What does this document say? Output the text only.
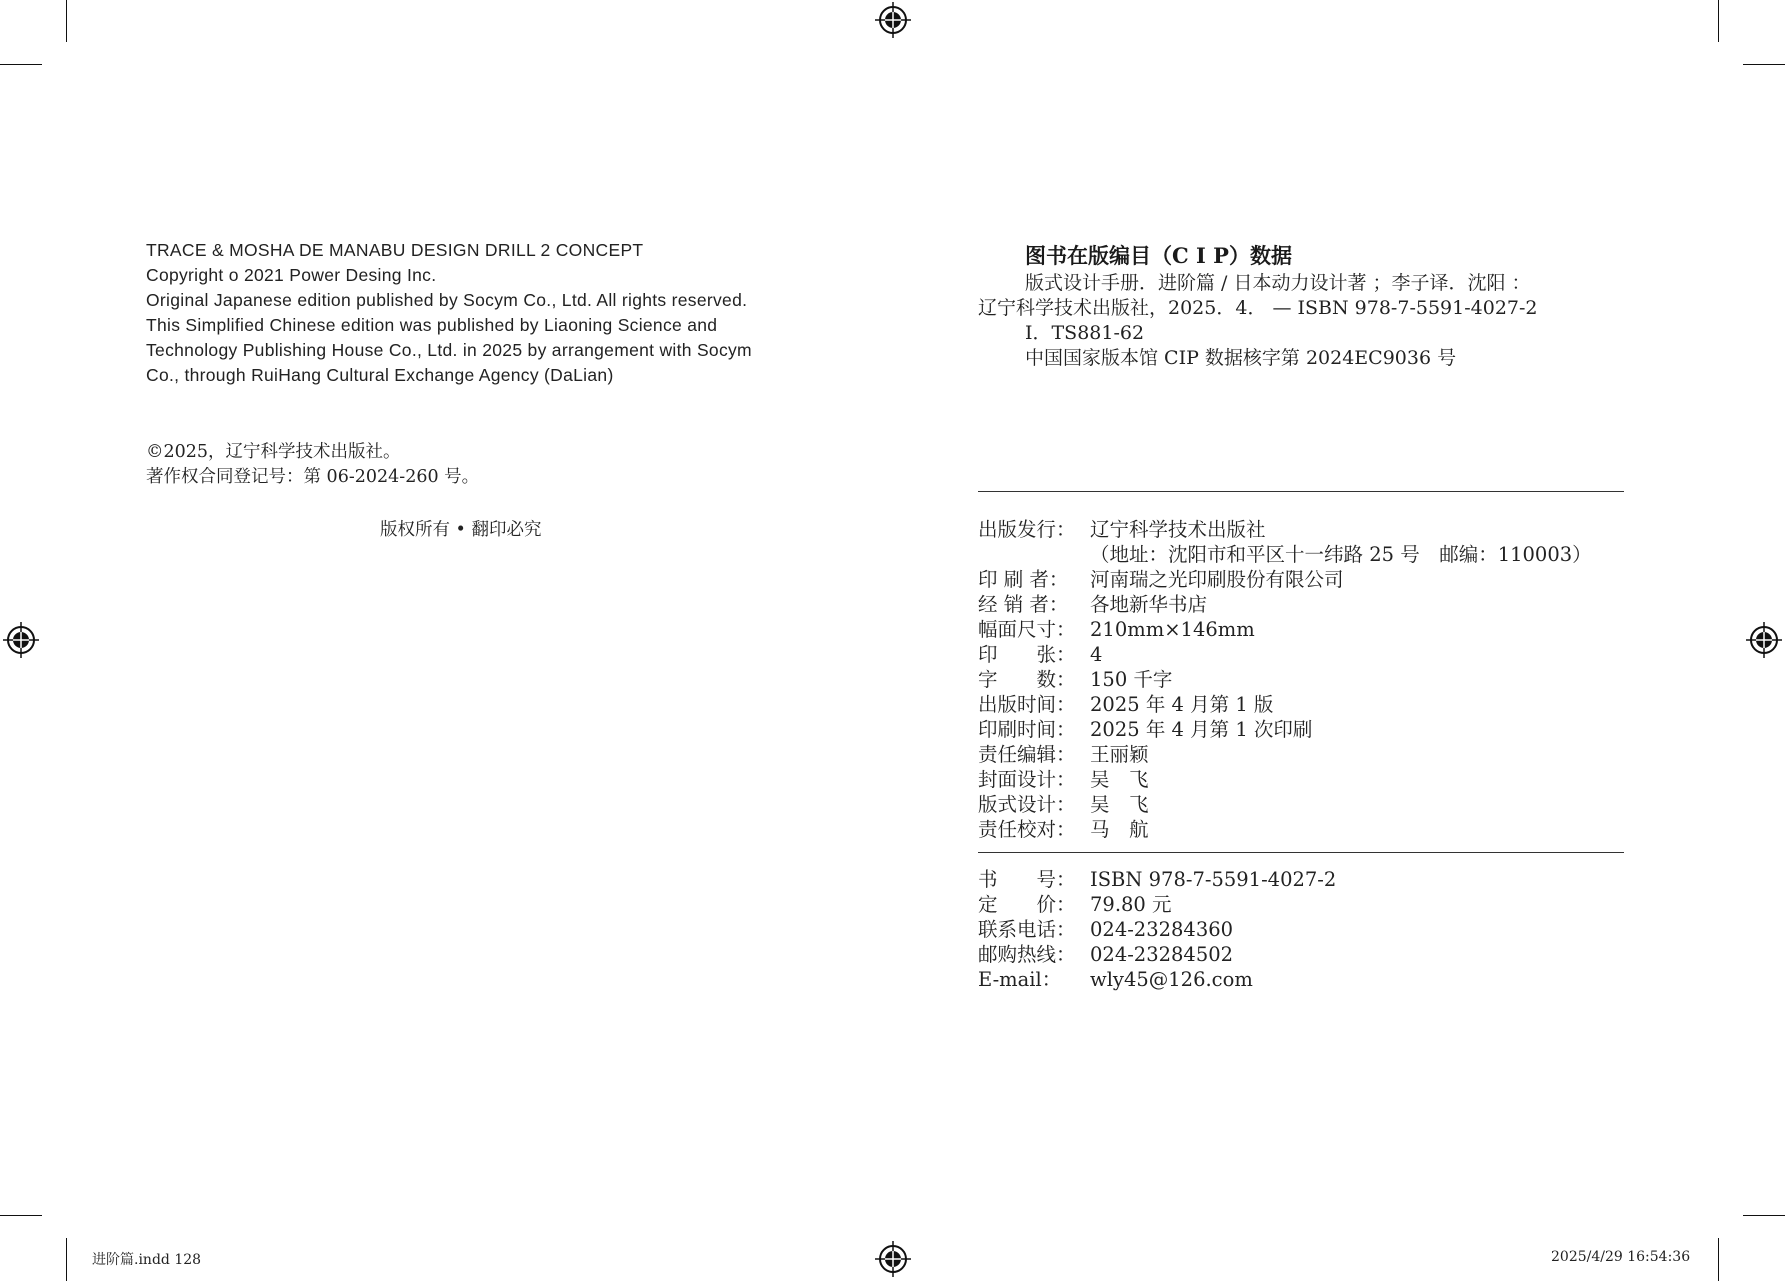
TRACE & MOSHA DE MANABU DESIGN DRILL 2 CONCEPT
Copyright o 2021 Power Desing Inc.
Original Japanese edition published by Socym Co., Ltd. All rights reserved.
This Simplified Chinese edition was published by Liaoning Science and
Technology Publishing House Co., Ltd. in 2025 by arrangement with Socym
Co., through RuiHang Cultural Exchange Agency (DaLian)
©2025，辽宁科学技术出版社。
著作权合同登记号：第 06-2024-260 号。
版权所有 • 翻印必究
图书在版编目（C I P）数据
版式设计手册．进阶篇 / 日本动力设计著 ；李子译．沈阳 ：
辽宁科学技术出版社，2025．4． — ISBN 978-7-5591-4027-2
Ⅰ．TS881-62
中国国家版本馆 CIP 数据核字第 2024EC9036 号
出版发行： 辽宁科学技术出版社
（地址：沈阳市和平区十一纬路 25 号　邮编：110003）
印 刷 者： 河南瑞之光印刷股份有限公司
经 销 者： 各地新华书店
幅面尺寸： 210mm×146mm
印　　张： 4
字　　数： 150 千字
出版时间： 2025 年 4 月第 1 版
印刷时间： 2025 年 4 月第 1 次印刷
责任编辑： 王丽颖
封面设计： 吴　飞
版式设计： 吴　飞
责任校对： 马　航
书　　号： ISBN 978-7-5591-4027-2
定　　价： 79.80 元
联系电话： 024-23284360
邮购热线： 024-23284502
E-mail： wly45@126.com
进阶篇.indd 128	2025/4/29 16:54:36
